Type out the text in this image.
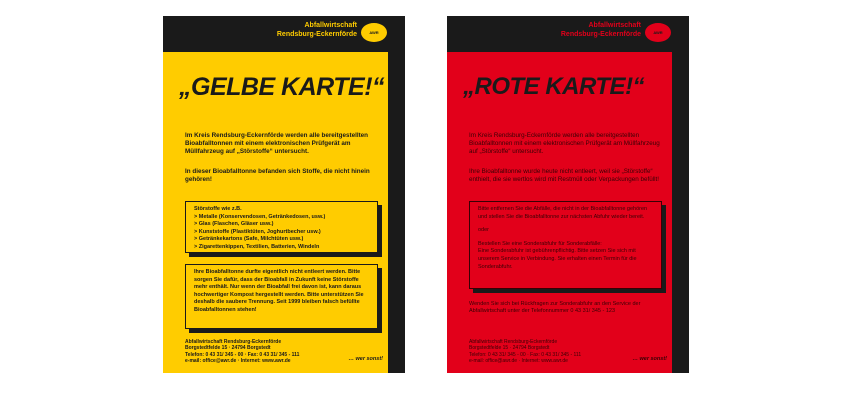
Abfallwirtschaft
Rendsburg-Eckernförde	AWR
„GELBE KARTE!“
Im Kreis Rendsburg-Eckernförde werden alle bereitgestellten Bioabfalltonnen mit einem elektronischen Prüfgerät am Müllfahrzeug auf „Störstoffe“ untersucht.
In dieser Bioabfalltonne befanden sich Stoffe, die nicht hinein gehören!
Störstoffe wie z.B.
> Metalle (Konservendosen, Getränkedosen, usw.)
> Glas (Flaschen, Gläser usw.)
> Kunststoffe (Plastiktüten, Joghurtbecher usw.)
> Getränkekartons (Safe, Milchtüten usw.)
> Zigarettenkippen, Textilien, Batterien, Windeln
Ihre Bioabfalltonne durfte eigentlich nicht entleert werden. Bitte sorgen Sie dafür, dass der Bioabfall in Zukunft keine Störstoffe mehr enthält. Nur wenn der Bioabfall frei davon ist, kann daraus hochwertiger Kompost hergestellt werden. Bitte unterstützen Sie deshalb die saubere Trennung. Seit 1999 bleiben falsch befüllte Bioabfalltonnen stehen!
Abfallwirtschaft Rendsburg-Eckernförde
Borgstedtfelde 15 · 24794 Borgstedt
Telefon: 0 43 31/ 345 - 00 · Fax: 0 43 31/ 345 - 111
e-mail: office@awr.de · Internet: www.awr.de	… wer sonst!
Abfallwirtschaft
Rendsburg-Eckernförde	AWR
„ROTE KARTE!“
Im Kreis Rendsburg-Eckernförde werden alle bereitgestellten Bioabfalltonnen mit einem elektronischen Prüfgerät am Müllfahrzeug auf „Störstoffe“ untersucht.
Ihre Bioabfalltonne wurde heute nicht entleert, weil sie „Störstoffe“ enthielt, die sie wertlos wird mit Restmüll oder Verpackungen befüllt!
Bitte entfernen Sie die Abfälle, die nicht in der Bioabfalltonne gehören und stellen Sie die Bioabfalltonne zur nächsten Abfuhr wieder bereit.
oder
Bestellen Sie eine Sonderabfuhr für Sonderabfälle:
Eine Sonderabfuhr ist gebührenpflichtig. Bitte setzen Sie sich mit unserem Service in Verbindung. Sie erhalten einen Termin für die Sonderabfuhr.
Wenden Sie sich bei Rückfragen zur Sonderabfuhr an den Service der Abfallwirtschaft unter der Telefonnummer 0 43 31/ 345 - 123
Abfallwirtschaft Rendsburg-Eckernförde
Borgstedtfelde 15 · 24794 Borgstedt
Telefon: 0 43 31/ 345 - 00 · Fax: 0 43 31/ 345 - 111
e-mail: office@awr.de · Internet: www.awr.de	… wer sonst!
